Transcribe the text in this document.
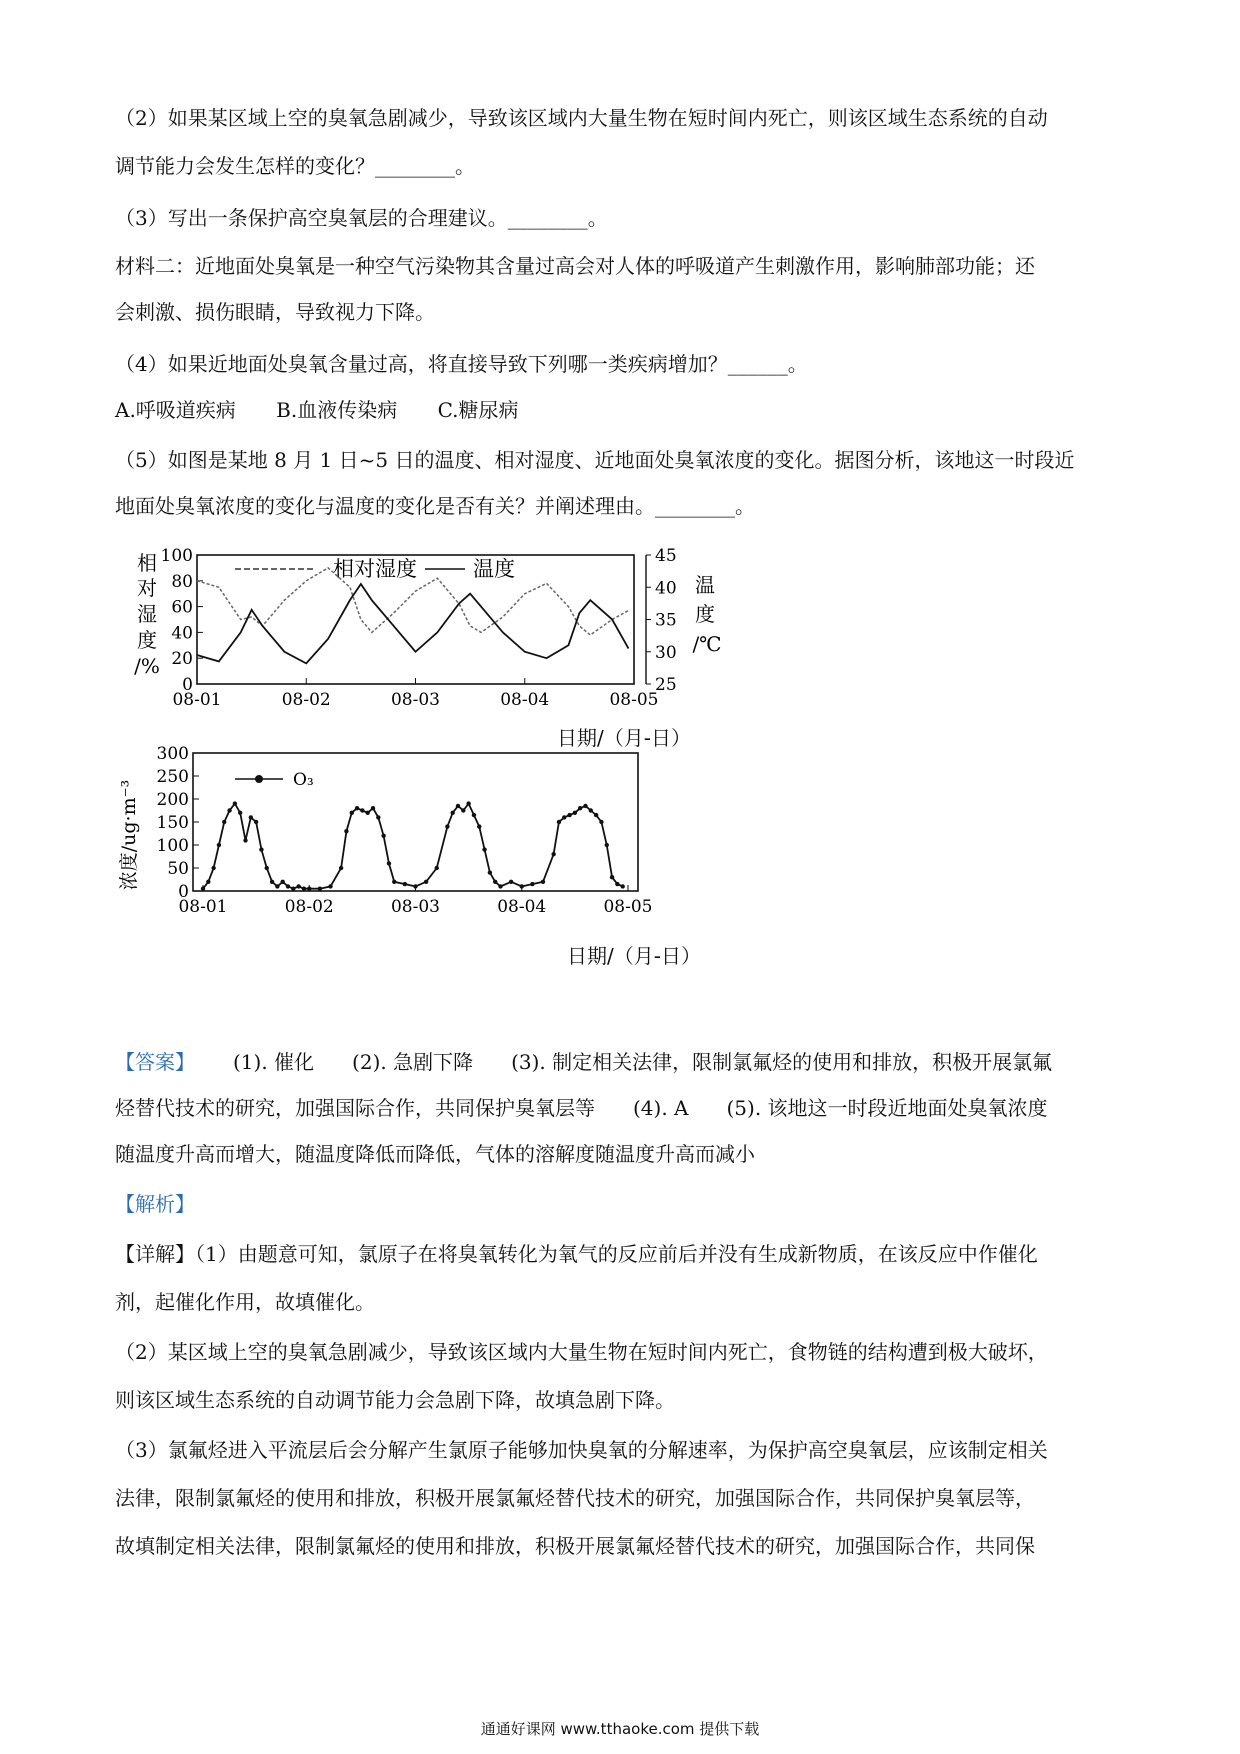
（2）如果某区域上空的臭氧急剧减少，导致该区域内大量生物在短时间内死亡，则该区域生态系统的自动
调节能力会发生怎样的变化？________。
（3）写出一条保护高空臭氧层的合理建议。________。
材料二：近地面处臭氧是一种空气污染物其含量过高会对人体的呼吸道产生刺激作用，影响肺部功能；还
会刺激、损伤眼睛，导致视力下降。
（4）如果近地面处臭氧含量过高，将直接导致下列哪一类疾病增加？______。
A.呼吸道疾病 B.血液传染病 C.糖尿病
（5）如图是某地 8 月 1 日~5 日的温度、相对湿度、近地面处臭氧浓度的变化。据图分析，该地这一时段近
地面处臭氧浓度的变化与温度的变化是否有关？并阐述理由。________。
相
对
湿
度
/%
温
度
/℃
0
20
40
60
80
100
25
30
35
40
45
08-01	08-02	08-03	08-04	08-05
相对湿度	温度
日期/（月-日）
浓度/ug·m⁻³
0
50
100
150
200
250
300
08-01	08-02	08-03	08-04	08-05
O₃
日期/（月-日）
【答案】 (1). 催化 (2). 急剧下降 (3). 制定相关法律，限制氯氟烃的使用和排放，积极开展氯氟
烃替代技术的研究，加强国际合作，共同保护臭氧层等 (4). A (5). 该地这一时段近地面处臭氧浓度
随温度升高而增大，随温度降低而降低，气体的溶解度随温度升高而减小
【解析】
【详解】（1）由题意可知，氯原子在将臭氧转化为氧气的反应前后并没有生成新物质，在该反应中作催化
剂，起催化作用，故填催化。
（2）某区域上空的臭氧急剧减少，导致该区域内大量生物在短时间内死亡，食物链的结构遭到极大破坏，
则该区域生态系统的自动调节能力会急剧下降，故填急剧下降。
（3）氯氟烃进入平流层后会分解产生氯原子能够加快臭氧的分解速率，为保护高空臭氧层，应该制定相关
法律，限制氯氟烃的使用和排放，积极开展氯氟烃替代技术的研究，加强国际合作，共同保护臭氧层等，
故填制定相关法律，限制氯氟烃的使用和排放，积极开展氯氟烃替代技术的研究，加强国际合作，共同保
通通好课网 www.tthaoke.com 提供下载
